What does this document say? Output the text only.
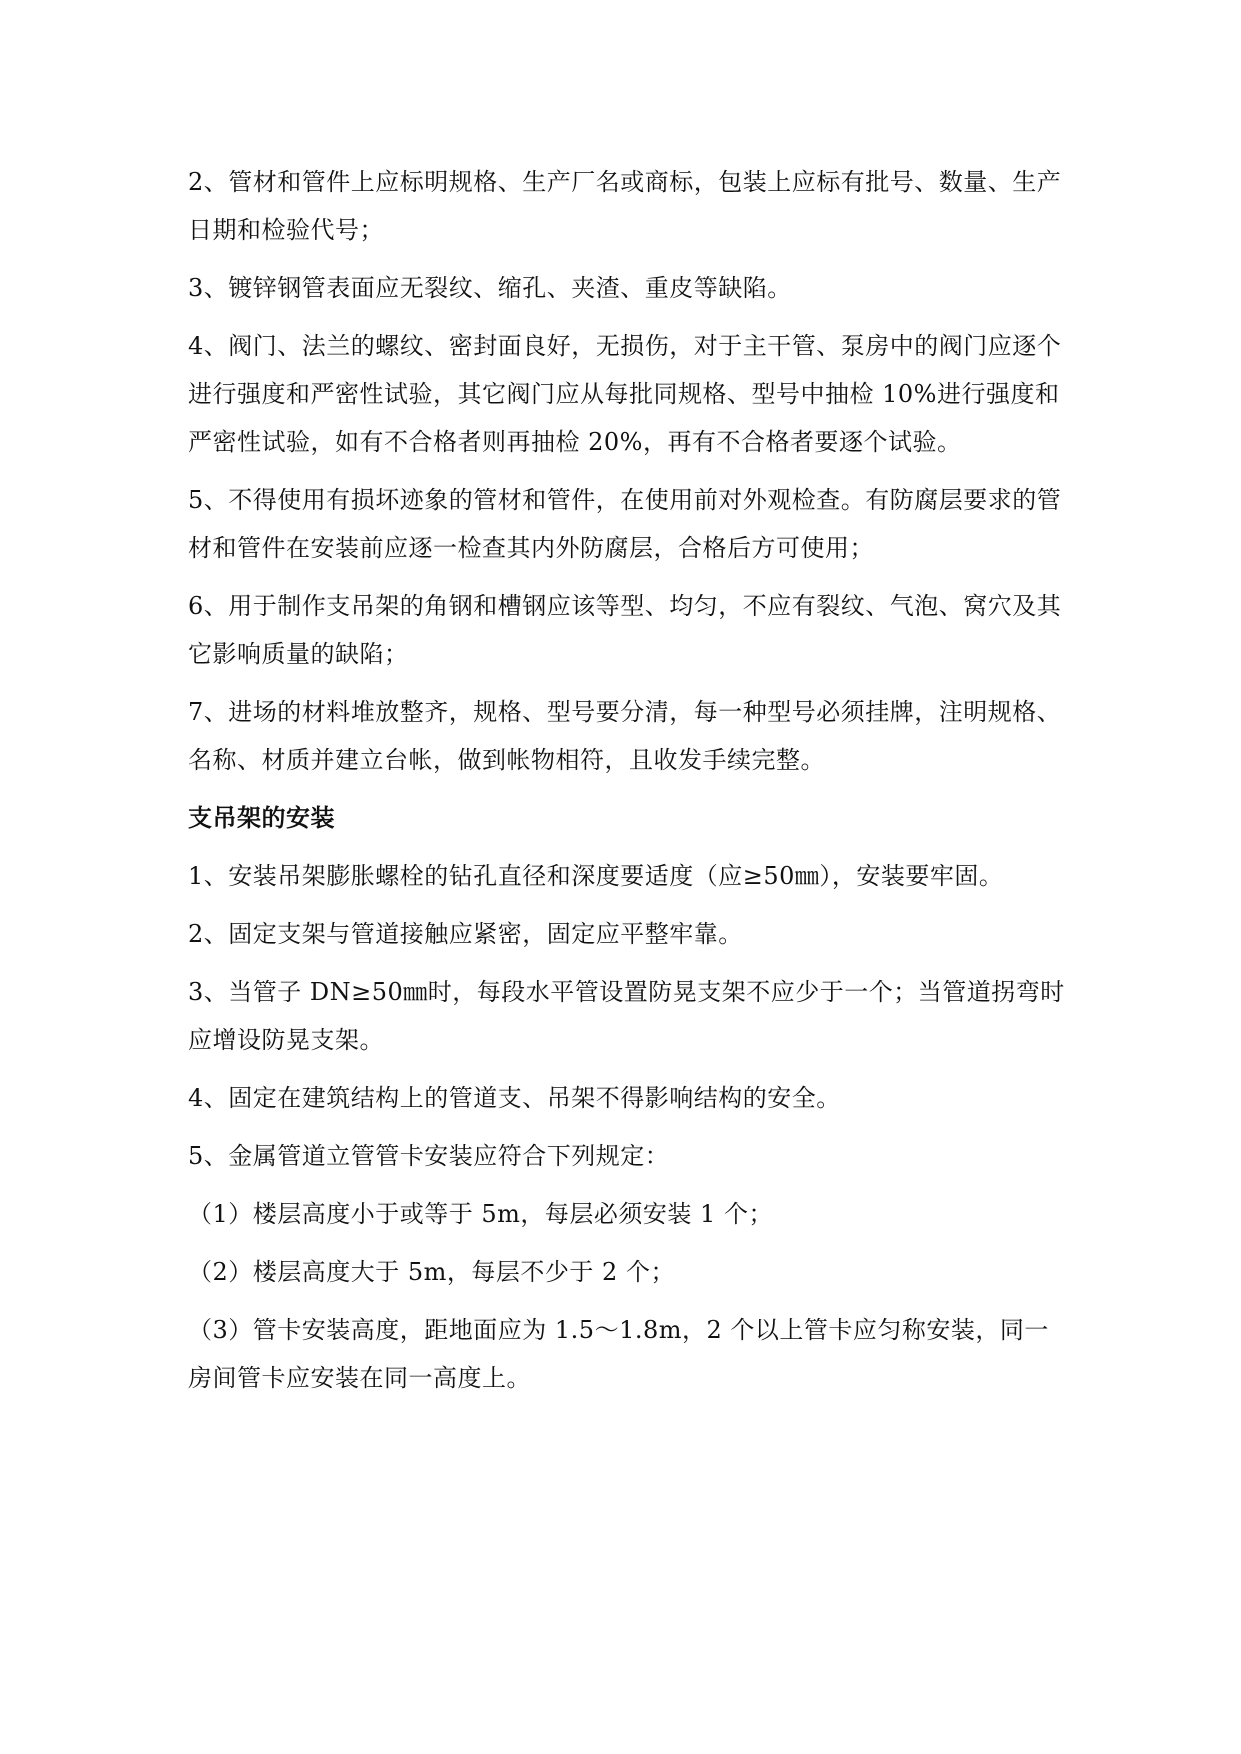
2、管材和管件上应标明规格、生产厂名或商标，包装上应标有批号、数量、生产日期和检验代号；

3、镀锌钢管表面应无裂纹、缩孔、夹渣、重皮等缺陷。

4、阀门、法兰的螺纹、密封面良好，无损伤，对于主干管、泵房中的阀门应逐个进行强度和严密性试验，其它阀门应从每批同规格、型号中抽检 10%进行强度和严密性试验，如有不合格者则再抽检 20%，再有不合格者要逐个试验。

5、不得使用有损坏迹象的管材和管件，在使用前对外观检查。有防腐层要求的管材和管件在安装前应逐一检查其内外防腐层，合格后方可使用；

6、用于制作支吊架的角钢和槽钢应该等型、均匀，不应有裂纹、气泡、窝穴及其它影响质量的缺陷；

7、进场的材料堆放整齐，规格、型号要分清，每一种型号必须挂牌，注明规格、名称、材质并建立台帐，做到帐物相符，且收发手续完整。

支吊架的安装

1、安装吊架膨胀螺栓的钻孔直径和深度要适度（应≥50㎜），安装要牢固。

2、固定支架与管道接触应紧密，固定应平整牢靠。

3、当管子 DN≥50㎜时，每段水平管设置防晃支架不应少于一个；当管道拐弯时应增设防晃支架。

4、固定在建筑结构上的管道支、吊架不得影响结构的安全。

5、金属管道立管管卡安装应符合下列规定：

（1）楼层高度小于或等于 5m，每层必须安装 1 个；

（2）楼层高度大于 5m，每层不少于 2 个；

（3）管卡安装高度，距地面应为 1.5～1.8m，2 个以上管卡应匀称安装，同一房间管卡应安装在同一高度上。
